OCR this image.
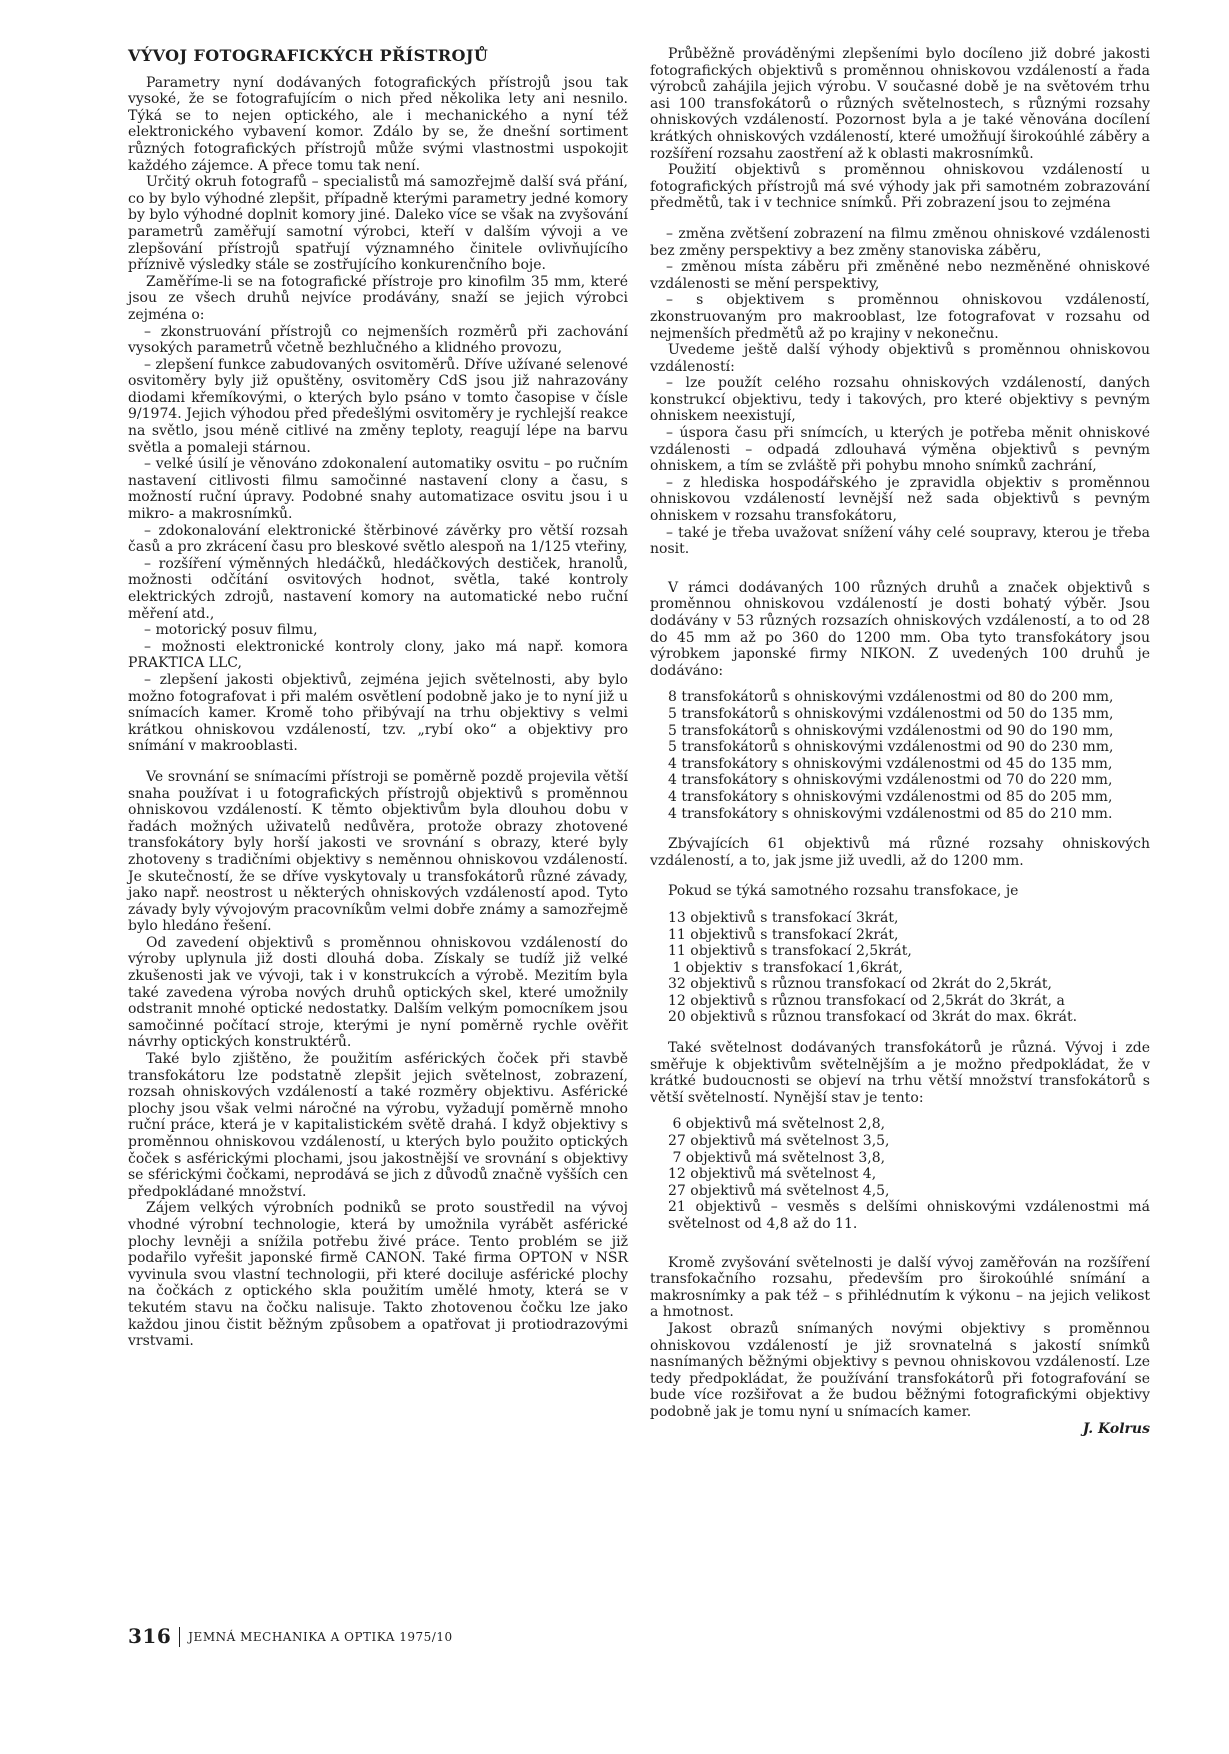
VÝVOJ FOTOGRAFICKÝCH PŘÍSTROJŮ

Parametry nyní dodávaných fotografických přístrojů jsou tak vysoké, že se fotografujícím o nich před několika lety ani nesnilo. Týká se to nejen optického, ale i mechanického a nyní též elektronického vybavení komor. Zdálo by se, že dnešní sortiment různých fotografických přístrojů může svými vlastnostmi uspokojit každého zájemce. A přece tomu tak není.

Určitý okruh fotografů – specialistů má samozřejmě další svá přání, co by bylo výhodné zlepšit, případně kterými parametry jedné komory by bylo výhodné doplnit komory jiné. Daleko více se však na zvyšování parametrů zaměřují samotní výrobci, kteří v dalším vývoji a ve zlepšování přístrojů spatřují významného činitele ovlivňujícího příznivě výsledky stále se zostřujícího konkurenčního boje.

Zaměříme-li se na fotografické přístroje pro kinofilm 35 mm, které jsou ze všech druhů nejvíce prodávány, snaží se jejich výrobci zejména o:

– zkonstruování přístrojů co nejmenších rozměrů při zachování vysokých parametrů včetně bezhlučného a klidného provozu,

– zlepšení funkce zabudovaných osvitoměrů. Dříve užívané selenové osvitoměry byly již opuštěny, osvitoměry CdS jsou již nahrazovány diodami křemíkovými, o kterých bylo psáno v tomto časopise v čísle 9/1974. Jejich výhodou před předešlými osvitoměry je rychlejší reakce na světlo, jsou méně citlivé na změny teploty, reagují lépe na barvu světla a pomaleji stárnou.

– velké úsilí je věnováno zdokonalení automatiky osvitu – po ručním nastavení citlivosti filmu samočinné nastavení clony a času, s možností ruční úpravy. Podobné snahy automatizace osvitu jsou i u mikro- a makrosnímků.

– zdokonalování elektronické štěrbinové závěrky pro větší rozsah časů a pro zkrácení času pro bleskové světlo alespoň na 1/125 vteřiny,

– rozšíření výměnných hledáčků, hledáčkových destiček, hranolů, možnosti odčítání osvitových hodnot, světla, také kontroly elektrických zdrojů, nastavení komory na automatické nebo ruční měření atd.,

– motorický posuv filmu,

– možnosti elektronické kontroly clony, jako má např. komora PRAKTICA LLC,

– zlepšení jakosti objektivů, zejména jejich světelnosti, aby bylo možno fotografovat i při malém osvětlení podobně jako je to nyní již u snímacích kamer. Kromě toho přibývají na trhu objektivy s velmi krátkou ohniskovou vzdáleností, tzv. „rybí oko“ a objektivy pro snímání v makrooblasti.

Ve srovnání se snímacími přístroji se poměrně pozdě projevila větší snaha používat i u fotografických přístrojů objektivů s proměnnou ohniskovou vzdáleností. K těmto objektivům byla dlouhou dobu v řadách možných uživatelů nedůvěra, protože obrazy zhotovené transfokátory byly horší jakosti ve srovnání s obrazy, které byly zhotoveny s tradičními objektivy s neměnnou ohniskovou vzdáleností. Je skutečností, že se dříve vyskytovaly u transfokátorů různé závady, jako např. neostrost u některých ohniskových vzdáleností apod. Tyto závady byly vývojovým pracovníkům velmi dobře známy a samozřejmě bylo hledáno řešení.

Od zavedení objektivů s proměnnou ohniskovou vzdáleností do výroby uplynula již dosti dlouhá doba. Získaly se tudíž již velké zkušenosti jak ve vývoji, tak i v konstrukcích a výrobě. Mezitím byla také zavedena výroba nových druhů optických skel, které umožnily odstranit mnohé optické nedostatky. Dalším velkým pomocníkem jsou samočinné počítací stroje, kterými je nyní poměrně rychle ověřit návrhy optických konstruktérů.

Také bylo zjištěno, že použitím asférických čoček při stavbě transfokátoru lze podstatně zlepšit jejich světelnost, zobrazení, rozsah ohniskových vzdáleností a také rozměry objektivu. Asférické plochy jsou však velmi náročné na výrobu, vyžadují poměrně mnoho ruční práce, která je v kapitalistickém světě drahá. I když objektivy s proměnnou ohniskovou vzdáleností, u kterých bylo použito optických čoček s asférickými plochami, jsou jakostnější ve srovnání s objektivy se sférickými čočkami, neprodává se jich z důvodů značně vyšších cen předpokládané množství.

Zájem velkých výrobních podniků se proto soustředil na vývoj vhodné výrobní technologie, která by umožnila vyrábět asférické plochy levněji a snížila potřebu živé práce. Tento problém se již podařilo vyřešit japonské firmě CANON. Také firma OPTON v NSR vyvinula svou vlastní technologii, při které dociluje asférické plochy na čočkách z optického skla použitím umělé hmoty, která se v tekutém stavu na čočku nalisuje. Takto zhotovenou čočku lze jako každou jinou čistit běžným způsobem a opatřovat ji protiodrazovými vrstvami.

Průběžně prováděnými zlepšeními bylo docíleno již dobré jakosti fotografických objektivů s proměnnou ohniskovou vzdáleností a řada výrobců zahájila jejich výrobu. V současné době je na světovém trhu asi 100 transfokátorů o různých světelnostech, s různými rozsahy ohniskových vzdáleností. Pozornost byla a je také věnována docílení krátkých ohniskových vzdáleností, které umožňují širokoúhlé záběry a rozšíření rozsahu zaostření až k oblasti makrosnímků.

Použití objektivů s proměnnou ohniskovou vzdáleností u fotografických přístrojů má své výhody jak při samotném zobrazování předmětů, tak i v technice snímků. Při zobrazení jsou to zejména

– změna zvětšení zobrazení na filmu změnou ohniskové vzdálenosti bez změny perspektivy a bez změny stanoviska záběru,

– změnou místa záběru při změněné nebo nezměněné ohniskové vzdálenosti se mění perspektivy,

– s objektivem s proměnnou ohniskovou vzdáleností, zkonstruovaným pro makrooblast, lze fotografovat v rozsahu od nejmenších předmětů až po krajiny v nekonečnu.

Uvedeme ještě další výhody objektivů s proměnnou ohniskovou vzdáleností:

– lze použít celého rozsahu ohniskových vzdáleností, daných konstrukcí objektivu, tedy i takových, pro které objektivy s pevným ohniskem neexistují,

– úspora času při snímcích, u kterých je potřeba měnit ohniskové vzdálenosti – odpadá zdlouhavá výměna objektivů s pevným ohniskem, a tím se zvláště při pohybu mnoho snímků zachrání,

– z hlediska hospodářského je zpravidla objektiv s proměnnou ohniskovou vzdáleností levnější než sada objektivů s pevným ohniskem v rozsahu transfokátoru,

– také je třeba uvažovat snížení váhy celé soupravy, kterou je třeba nosit.

V rámci dodávaných 100 různých druhů a značek objektivů s proměnnou ohniskovou vzdáleností je dosti bohatý výběr. Jsou dodávány v 53 různých rozsazích ohniskových vzdáleností, a to od 28 do 45 mm až po 360 do 1200 mm. Oba tyto transfokátory jsou výrobkem japonské firmy NIKON. Z uvedených 100 druhů je dodáváno:

8 transfokátorů s ohniskovými vzdálenostmi od 80 do 200 mm,
5 transfokátorů s ohniskovými vzdálenostmi od 50 do 135 mm,
5 transfokátorů s ohniskovými vzdálenostmi od 90 do 190 mm,
5 transfokátorů s ohniskovými vzdálenostmi od 90 do 230 mm,
4 transfokátory s ohniskovými vzdálenostmi od 45 do 135 mm,
4 transfokátory s ohniskovými vzdálenostmi od 70 do 220 mm,
4 transfokátory s ohniskovými vzdálenostmi od 85 do 205 mm,
4 transfokátory s ohniskovými vzdálenostmi od 85 do 210 mm.

Zbývajících 61 objektivů má různé rozsahy ohniskových vzdáleností, a to, jak jsme již uvedli, až do 1200 mm.

Pokud se týká samotného rozsahu transfokace, je

13 objektivů s transfokací 3krát,
11 objektivů s transfokací 2krát,
11 objektivů s transfokací 2,5krát,
1 objektiv  s transfokací 1,6krát,
32 objektivů s různou transfokací od 2krát do 2,5krát,
12 objektivů s různou transfokací od 2,5krát do 3krát, a
20 objektivů s různou transfokací od 3krát do max. 6krát.

Také světelnost dodávaných transfokátorů je různá. Vývoj i zde směřuje k objektivům světelnějším a je možno předpokládat, že v krátké budoucnosti se objeví na trhu větší množství transfokátorů s větší světelností. Nynější stav je tento:

6 objektivů má světelnost 2,8,
27 objektivů má světelnost 3,5,
7 objektivů má světelnost 3,8,
12 objektivů má světelnost 4,
27 objektivů má světelnost 4,5,
21 objektivů – vesměs s delšími ohniskovými vzdálenostmi má světelnost od 4,8 až do 11.

Kromě zvyšování světelnosti je další vývoj zaměřován na rozšíření transfokačního rozsahu, především pro širokoúhlé snímání a makrosnímky a pak též – s přihlédnutím k výkonu – na jejich velikost a hmotnost.

Jakost obrazů snímaných novými objektivy s proměnnou ohniskovou vzdáleností je již srovnatelná s jakostí snímků nasnímaných běžnými objektivy s pevnou ohniskovou vzdáleností. Lze tedy předpokládat, že používání transfokátorů při fotografování se bude více rozšiřovat a že budou běžnými fotografickými objektivy podobně jak je tomu nyní u snímacích kamer.

J. Kolrus

316 JEMNÁ MECHANIKA A OPTIKA 1975/10
